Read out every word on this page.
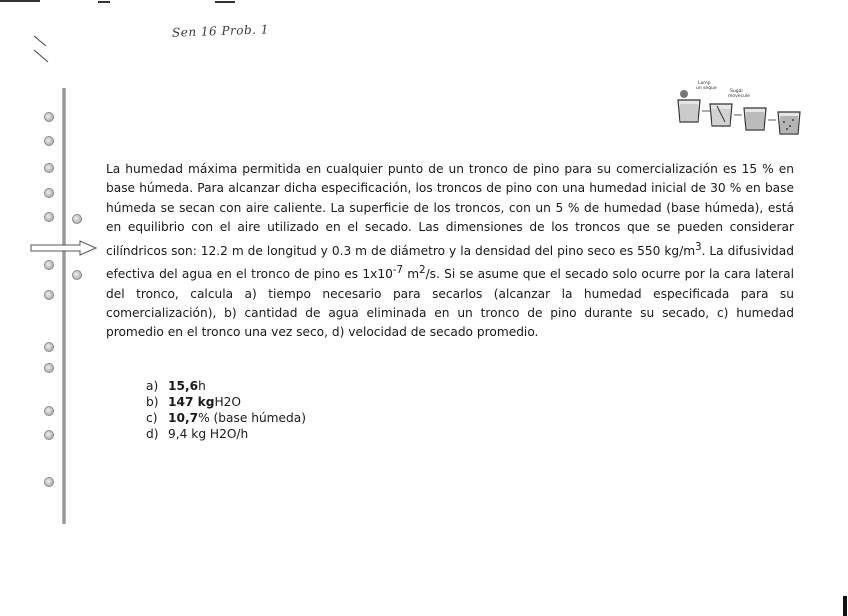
Sen 16 Prob. 1
Lamp
un seque
Sugar
movecule

La humedad máxima permitida en cualquier punto de un tronco de pino para su comercialización es 15 % en base húmeda. Para alcanzar dicha especificación, los troncos de pino con una humedad inicial de 30 % en base húmeda se secan con aire caliente. La superficie de los troncos, con un 5 % de humedad (base húmeda), está en equilibrio con el aire utilizado en el secado. Las dimensiones de los troncos que se pueden considerar cilíndricos son: 12.2 m de longitud y 0.3 m de diámetro y la densidad del pino seco es 550 $kg/m^3$. La difusividad efectiva del agua en el tronco de pino es $1x10^{-7}$ $m^2/s$. Si se asume que el secado solo ocurre por la cara lateral del tronco, calcula a) tiempo necesario para secarlos (alcanzar la humedad especificada para su comercialización), b) cantidad de agua eliminada en un tronco de pino durante su secado, c) humedad promedio en el tronco una vez seco, d) velocidad de secado promedio.

a) 15,6 h
b) 147 kg H2O
c) 10,7 % (base húmeda)
d) 9,4 kg H2O/h
